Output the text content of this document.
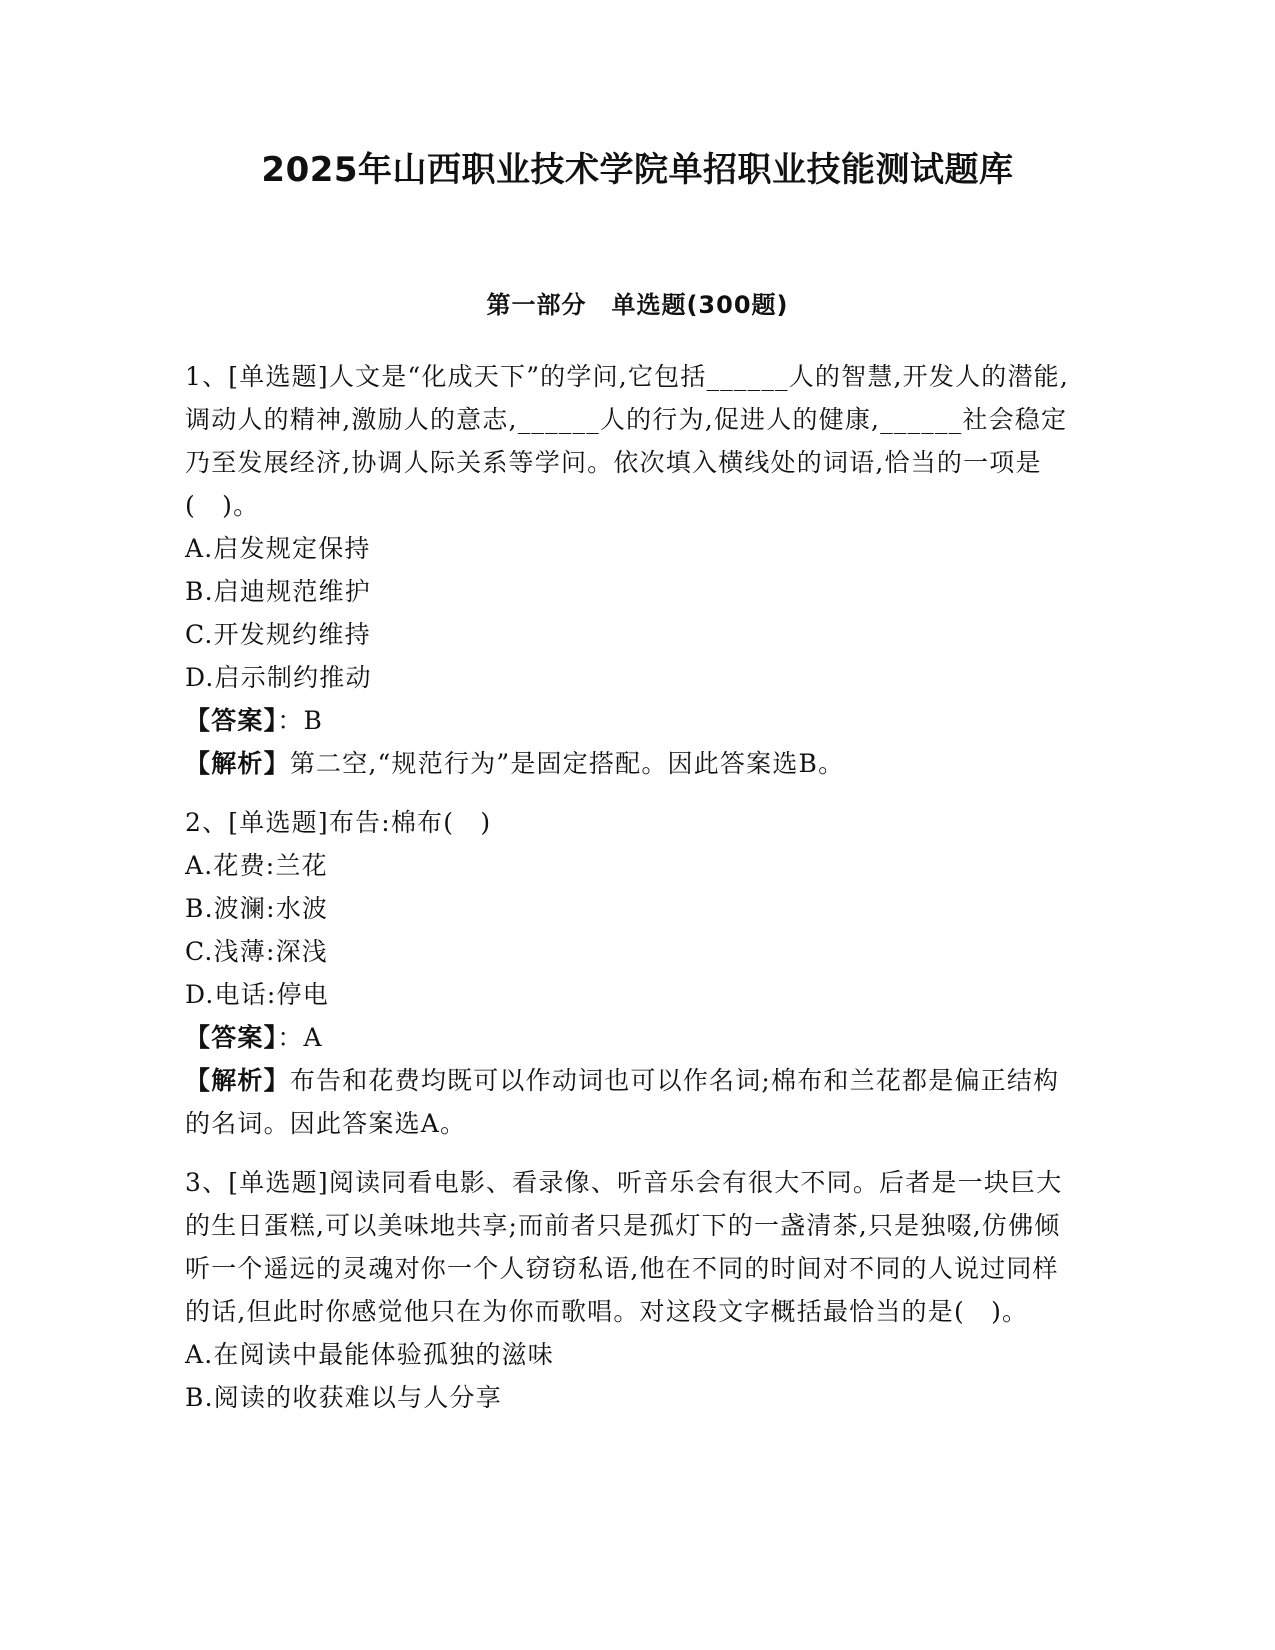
2025年山西职业技术学院单招职业技能测试题库
第一部分　单选题(300题)
1、[单选题]人文是“化成天下”的学问,它包括______人的智慧,开发人的潜能,调动人的精神,激励人的意志,______人的行为,促进人的健康,______社会稳定乃至发展经济,协调人际关系等学问。依次填入横线处的词语,恰当的一项是(　)。
A.启发规定保持
B.启迪规范维护
C.开发规约维持
D.启示制约推动
【答案】：B
【解析】第二空,“规范行为”是固定搭配。因此答案选B。
2、[单选题]布告:棉布(　)
A.花费:兰花
B.波澜:水波
C.浅薄:深浅
D.电话:停电
【答案】：A
【解析】布告和花费均既可以作动词也可以作名词;棉布和兰花都是偏正结构的名词。因此答案选A。
3、[单选题]阅读同看电影、看录像、听音乐会有很大不同。后者是一块巨大的生日蛋糕,可以美味地共享;而前者只是孤灯下的一盏清茶,只是独啜,仿佛倾听一个遥远的灵魂对你一个人窃窃私语,他在不同的时间对不同的人说过同样的话,但此时你感觉他只在为你而歌唱。对这段文字概括最恰当的是(　)。
A.在阅读中最能体验孤独的滋味
B.阅读的收获难以与人分享
